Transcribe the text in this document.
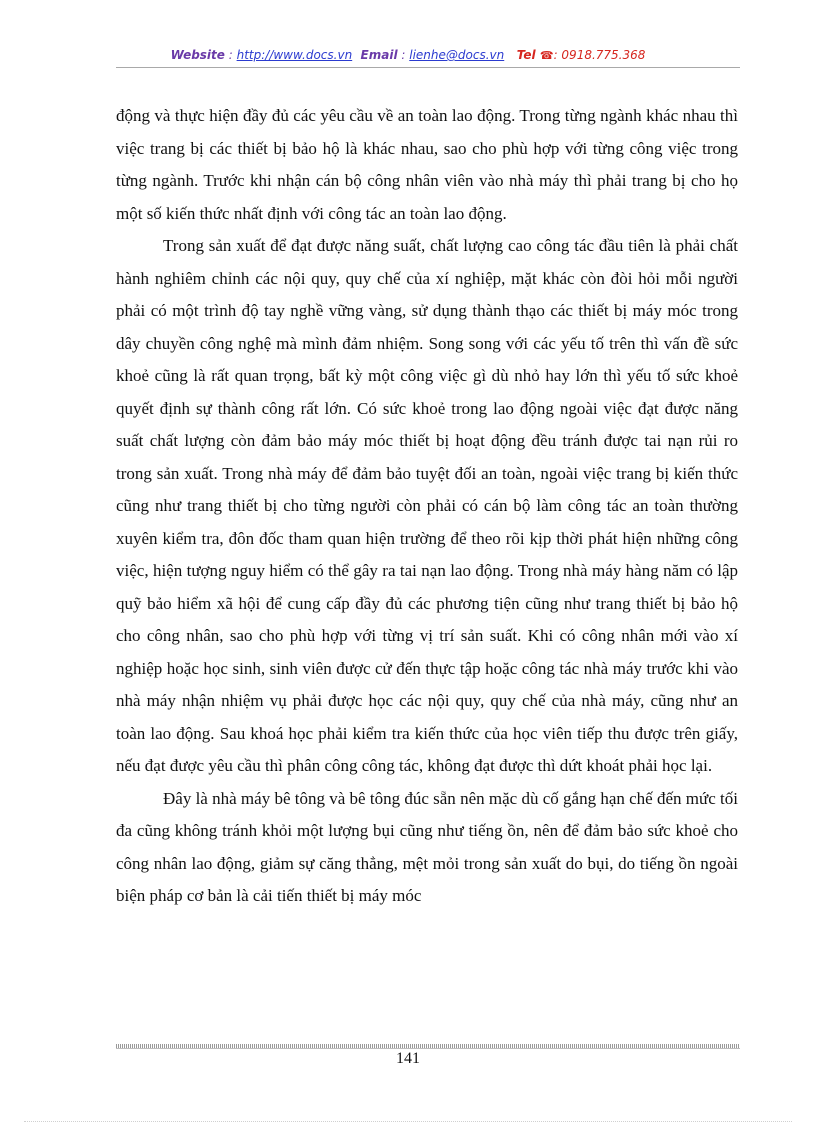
Website : http://www.docs.vn Email : lienhe@docs.vn Tel ☎: 0918.775.368

động và thực hiện đầy đủ các yêu cầu về an toàn lao động. Trong từng ngành khác nhau thì việc trang bị các thiết bị bảo hộ là khác nhau, sao cho phù hợp với từng công việc trong từng ngành. Trước khi nhận cán bộ công nhân viên vào nhà máy thì phải trang bị cho họ một số kiến thức nhất định với công tác an toàn lao động.

Trong sản xuất để đạt được năng suất, chất lượng cao công tác đầu tiên là phải chất hành nghiêm chỉnh các nội quy, quy chế của xí nghiệp, mặt khác còn đòi hỏi mỗi người phải có một trình độ tay nghề vững vàng, sử dụng thành thạo các thiết bị máy móc trong dây chuyền công nghệ mà mình đảm nhiệm. Song song với các yếu tố trên thì vấn đề sức khoẻ cũng là rất quan trọng, bất kỳ một công việc gì dù nhỏ hay lớn thì yếu tố sức khoẻ quyết định sự thành công rất lớn. Có sức khoẻ trong lao động ngoài việc đạt được năng suất chất lượng còn đảm bảo máy móc thiết bị hoạt động đều tránh được tai nạn rủi ro trong sản xuất. Trong nhà máy để đảm bảo tuyệt đối an toàn, ngoài việc trang bị kiến thức cũng như trang thiết bị cho từng người còn phải có cán bộ làm công tác an toàn thường xuyên kiểm tra, đôn đốc tham quan hiện trường để theo rõi kịp thời phát hiện những công việc, hiện tượng nguy hiểm có thể gây ra tai nạn lao động. Trong nhà máy hàng năm có lập quỹ bảo hiểm xã hội để cung cấp đầy đủ các phương tiện cũng như trang thiết bị bảo hộ cho công nhân, sao cho phù hợp với từng vị trí sản suất. Khi có công nhân mới vào xí nghiệp hoặc học sinh, sinh viên được cử đến thực tập hoặc công tác nhà máy trước khi vào nhà máy nhận nhiệm vụ phải được học các nội quy, quy chế của nhà máy, cũng như an toàn lao động. Sau khoá học phải kiểm tra kiến thức của học viên tiếp thu được trên giấy, nếu đạt được yêu cầu thì phân công công tác, không đạt được thì dứt khoát phải học lại.

Đây là nhà máy bê tông và bê tông đúc sẵn nên mặc dù cố gắng hạn chế đến mức tối đa cũng không tránh khỏi một lượng bụi cũng như tiếng ồn, nên để đảm bảo sức khoẻ cho công nhân lao động, giảm sự căng thẳng, mệt mỏi trong sản xuất do bụi, do tiếng ồn ngoài biện pháp cơ bản là cải tiến thiết bị máy móc

141
